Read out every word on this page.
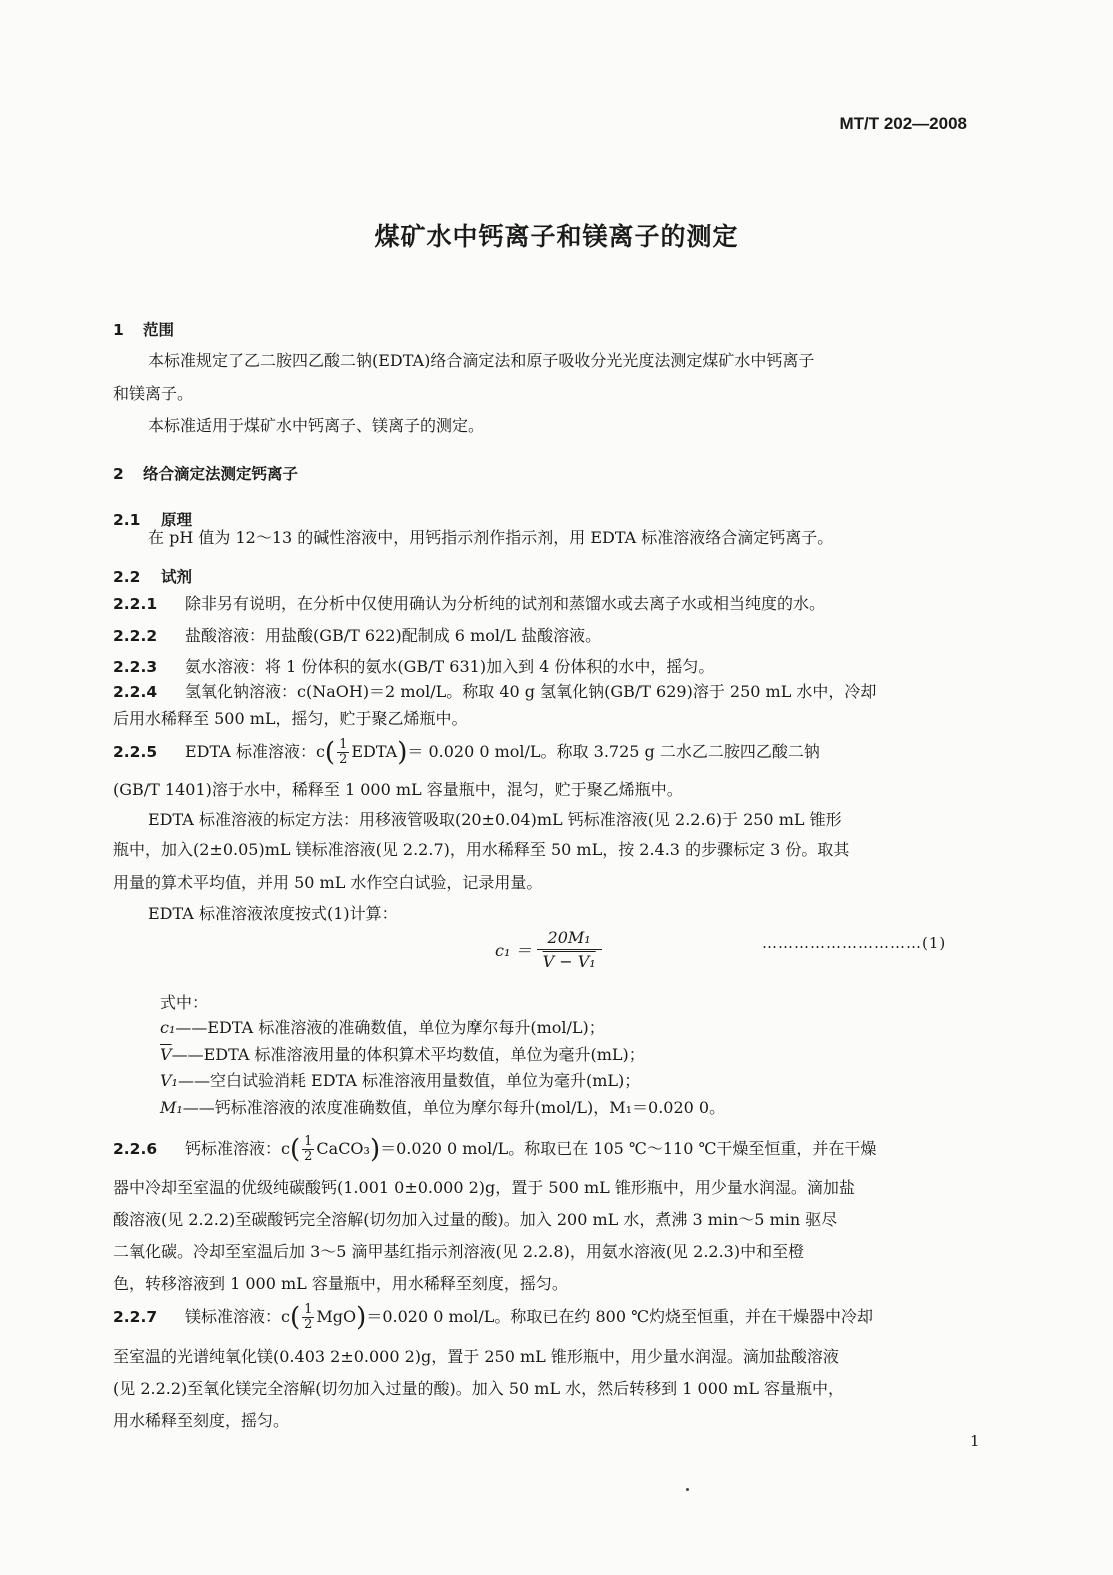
MT/T 202—2008
煤矿水中钙离子和镁离子的测定
1 范围
本标准规定了乙二胺四乙酸二钠(EDTA)络合滴定法和原子吸收分光光度法测定煤矿水中钙离子
和镁离子。
本标准适用于煤矿水中钙离子、镁离子的测定。
2 络合滴定法测定钙离子
2.1 原理
在 pH 值为 12～13 的碱性溶液中，用钙指示剂作指示剂，用 EDTA 标准溶液络合滴定钙离子。
2.2 试剂
2.2.1 除非另有说明，在分析中仅使用确认为分析纯的试剂和蒸馏水或去离子水或相当纯度的水。
2.2.2 盐酸溶液：用盐酸(GB/T 622)配制成 6 mol/L 盐酸溶液。
2.2.3 氨水溶液：将 1 份体积的氨水(GB/T 631)加入到 4 份体积的水中，摇匀。
2.2.4 氢氧化钠溶液：c(NaOH)＝2 mol/L。称取 40 g 氢氧化钠(GB/T 629)溶于 250 mL 水中，冷却
后用水稀释至 500 mL，摇匀，贮于聚乙烯瓶中。
2.2.5 EDTA 标准溶液：$c( \frac{1}{2}$ EDTA)＝ 0.020 0 mol/L。称取 3.725 g 二水乙二胺四乙酸二钠
(GB/T 1401)溶于水中，稀释至 1 000 mL 容量瓶中，混匀，贮于聚乙烯瓶中。
EDTA 标准溶液的标定方法：用移液管吸取(20±0.04)mL 钙标准溶液(见 2.2.6)于 250 mL 锥形
瓶中，加入(2±0.05)mL 镁标准溶液(见 2.2.7)，用水稀释至 50 mL，按 2.4.3 的步骤标定 3 份。取其
用量的算术平均值，并用 50 mL 水作空白试验，记录用量。
EDTA 标准溶液浓度按式(1)计算：
$c_1 = \frac{\text{20M₁}}{\text{V − V₁}}$	…………………………(1)
式中：
c₁——EDTA 标准溶液的准确数值，单位为摩尔每升(mol/L)；
$\overline{V}——EDTA$ 标准溶液用量的体积算术平均数值，单位为毫升(mL)；
V₁——空白试验消耗 EDTA 标准溶液用量数值，单位为毫升(mL)；
M₁——钙标准溶液的浓度准确数值，单位为摩尔每升(mol/L)，M₁＝0.020 0。
2.2.6 钙标准溶液：$c( \frac{1}{2}$ CaCO₃)＝0.020 0 mol/L。称取已在 105 ℃～110 ℃干燥至恒重，并在干燥
器中冷却至室温的优级纯碳酸钙(1.001 0±0.000 2)g，置于 500 mL 锥形瓶中，用少量水润湿。滴加盐
酸溶液(见 2.2.2)至碳酸钙完全溶解(切勿加入过量的酸)。加入 200 mL 水，煮沸 3 min～5 min 驱尽
二氧化碳。冷却至室温后加 3～5 滴甲基红指示剂溶液(见 2.2.8)，用氨水溶液(见 2.2.3)中和至橙
色，转移溶液到 1 000 mL 容量瓶中，用水稀释至刻度，摇匀。
2.2.7 镁标准溶液：$c( \frac{1}{2} MgO)=0.020$ 0 mol/L。称取已在约 800 ℃灼烧至恒重，并在干燥器中冷却
至室温的光谱纯氧化镁(0.403 2±0.000 2)g，置于 250 mL 锥形瓶中，用少量水润湿。滴加盐酸溶液
(见 2.2.2)至氧化镁完全溶解(切勿加入过量的酸)。加入 50 mL 水，然后转移到 1 000 mL 容量瓶中，
用水稀释至刻度，摇匀。
1
